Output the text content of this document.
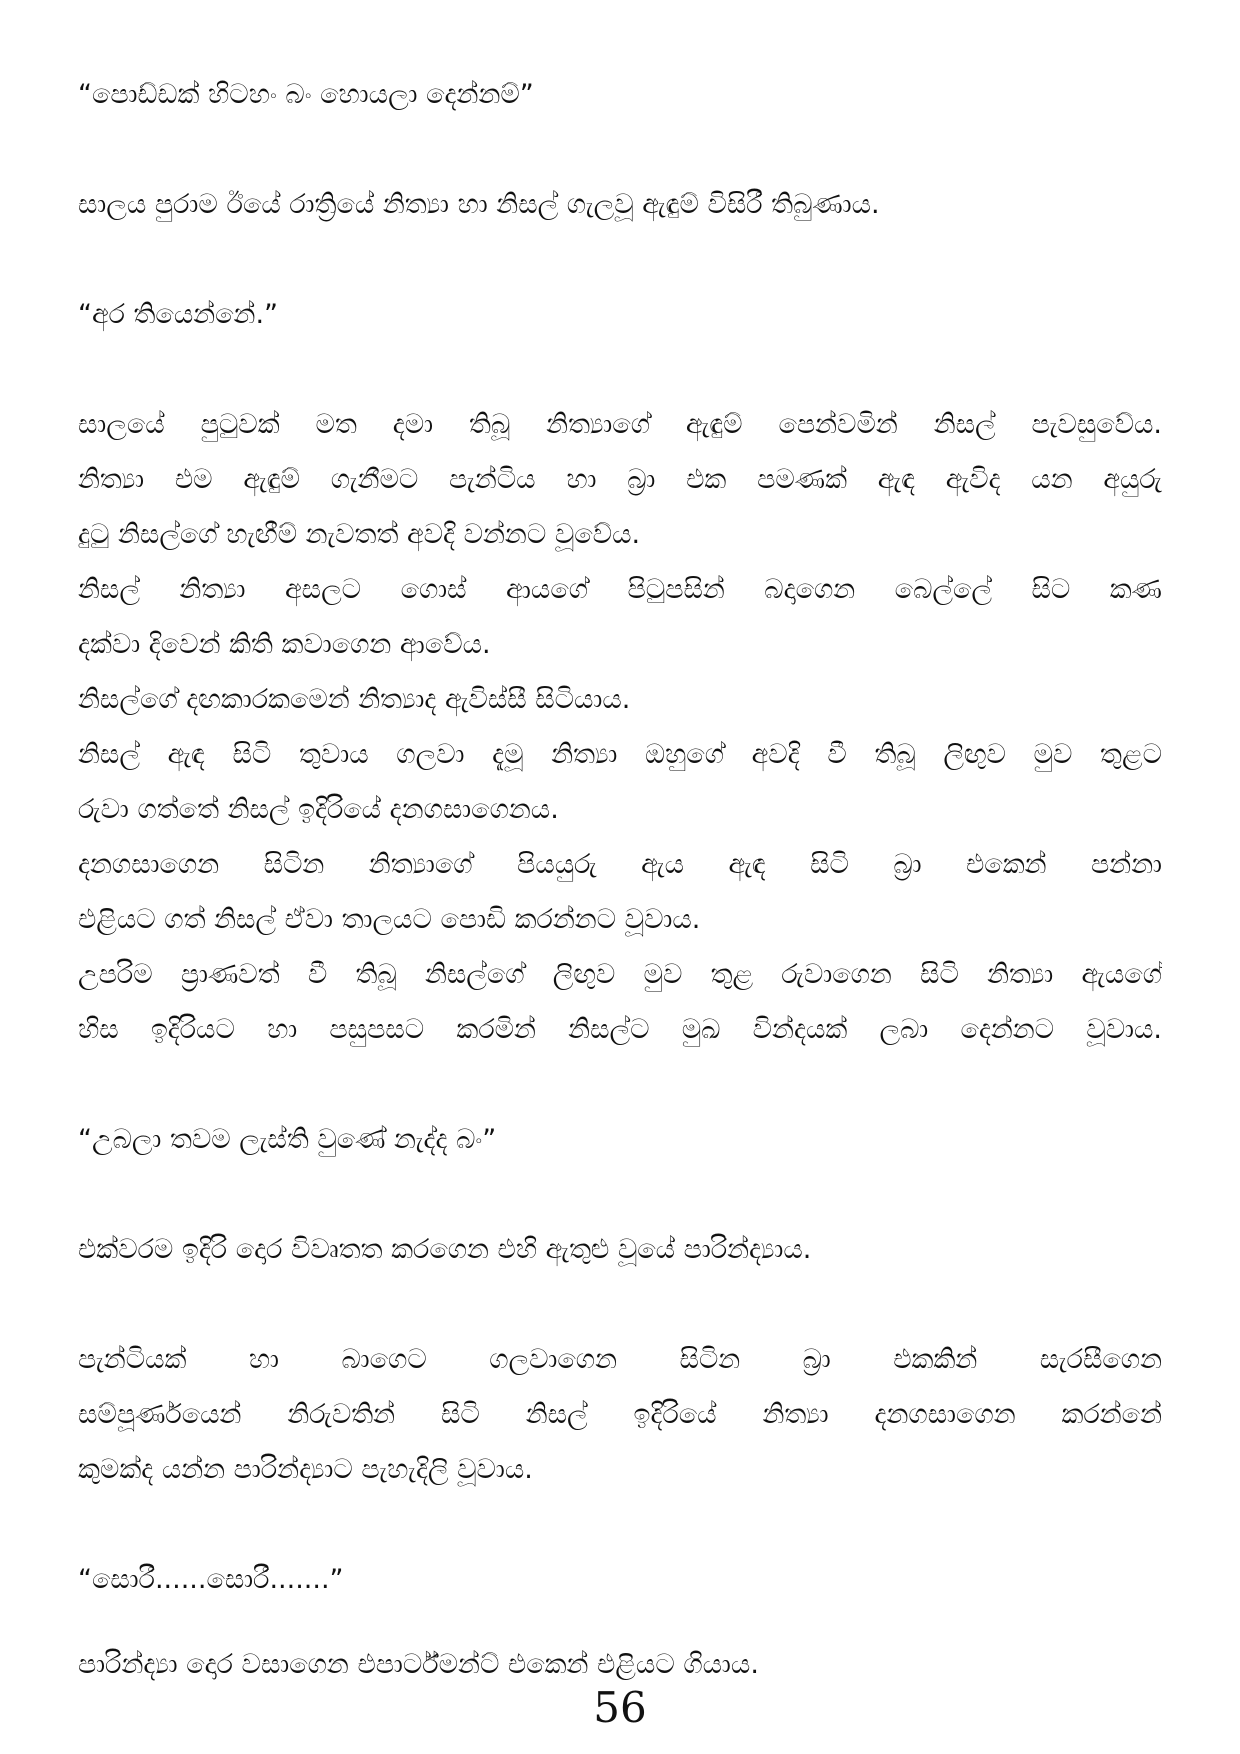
“පොඩ්ඩක් හිටහං බං හොයලා දෙන්නම්”
සාලය පුරාම ඊයේ රාත්‍රියේ නිත්‍යා හා නිසල් ගැලවූ ඇඳුම් විසිරී තිබුණාය.
“අර තියෙන්නේ.”
සාලයේ පුටුවක් මත දමා තිබූ නිත්‍යාගේ ඇඳුම් පෙන්වමින් නිසල් පැවසුවේය.
නිත්‍යා එම ඇඳුම් ගැනීමට පැන්ටිය හා බ්‍රා එක පමණක් ඇඳ ඇවිද යන අයුරු
දුටු නිසල්ගේ හැඟීම් නැවතත් අවදි වන්නට වූවේය.
නිසල් නිත්‍යා අසලට ගොස් ආයගේ පිටුපසින් බදාගෙන බෙල්ලේ සිට කණ
දක්වා දිවෙන් කිති කවාගෙන ආවේය.
නිසල්ගේ දඟකාරකමෙන් නිත්‍යාද ඇවිස්සී සිටියාය.
නිසල් ඇඳ සිටි තුවාය ගලවා දැමූ නිත්‍යා ඔහුගේ අවදි වී තිබූ ලිඟුව මුව තුළට
රුවා ගත්තේ නිසල් ඉදිරියේ දනගසාගෙනය.
දනගසාගෙන සිටින නිත්‍යාගේ පියයුරු ඇය ඇඳ සිටි බ්‍රා එකෙන් පන්නා
එළියට ගත් නිසල් ඒවා තාලයට පොඩි කරන්නට වූවාය.
උපරිම ප්‍රාණවත් වී තිබූ නිසල්ගේ ලිඟුව මුව තුළ රුවාගෙන සිටි නිත්‍යා ඇයගේ
හිස ඉදිරියට හා පසුපසට කරමින් නිසල්ට මුඛ වින්දයක් ලබා දෙන්නට වූවාය.
“උබලා තවම ලැස්ති වුණේ නැද්ද බං”
එක්වරම ඉදිරි දොර විවෘතත කරගෙන එහි ඇතුළු වූයේ පාරින්ද්‍යාය.
පැන්ටියක් හා බාගෙට ගලවාගෙන සිටින බ්‍රා එකකින් සැරසීගෙන
සම්පූර්ණයෙන් නිරුවතින් සිටි නිසල් ඉදිරියේ නිත්‍යා දනගසාගෙන කරන්නේ
කුමක්ද යන්න පාරින්ද්‍යාට පැහැදිලි වූවාය.
“සොරී......සොරී.......”
පාරින්ද්‍යා දොර වසාගෙන එපාර්ට්මන්ට් එකෙන් එළියට ගියාය.
56
